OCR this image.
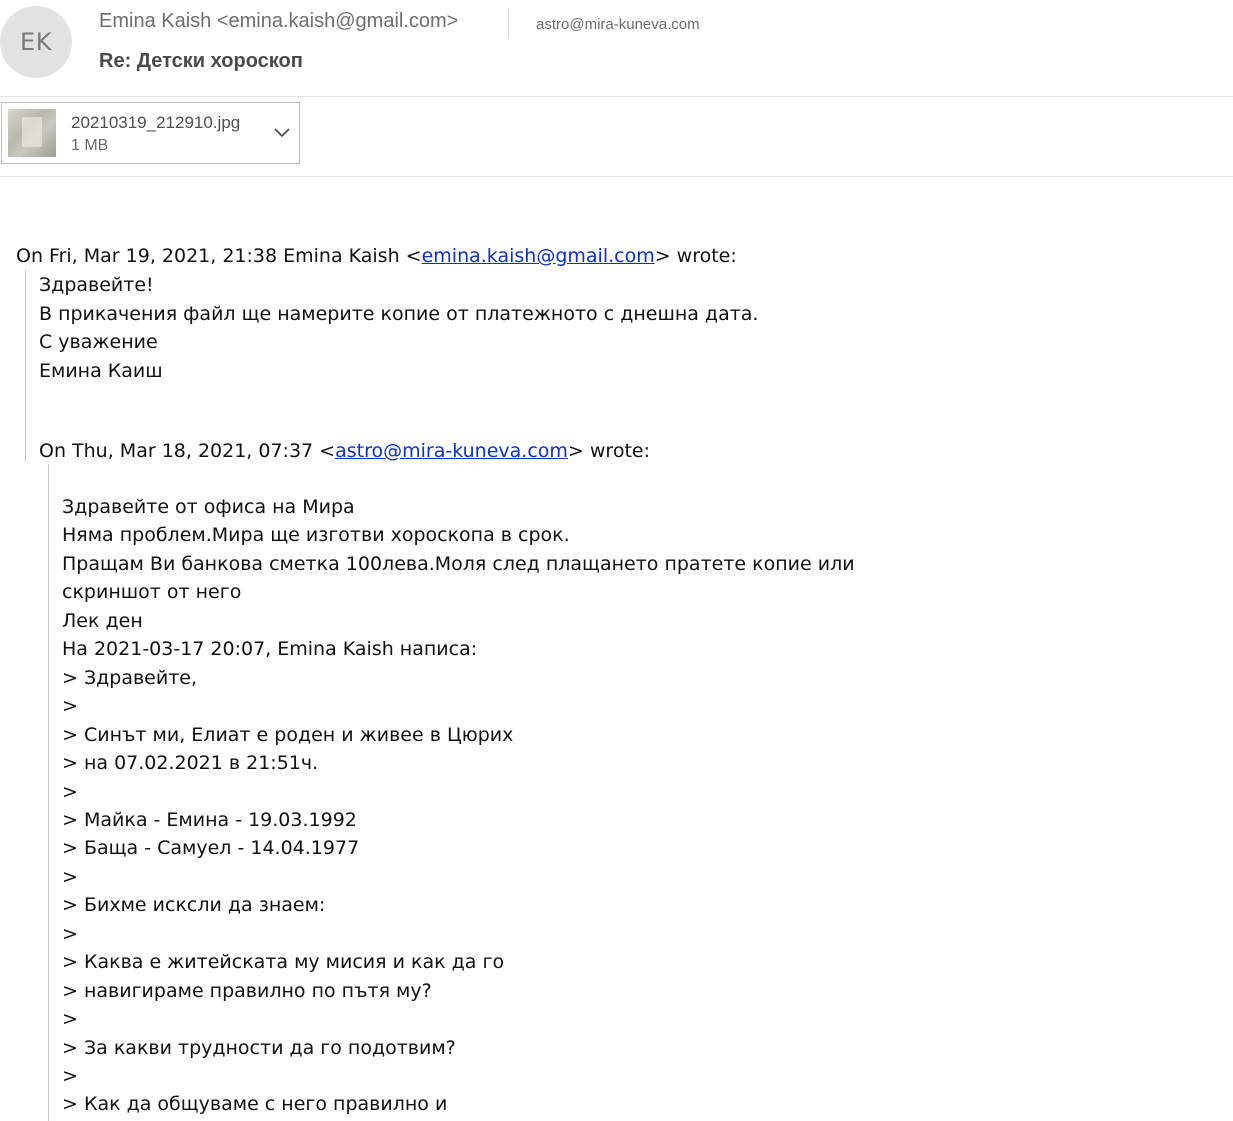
EK
Emina Kaish <emina.kaish@gmail.com>	astro@mira-kuneva.com
Re: Детски хороскоп
20210319_212910.jpg
1 MB
On Fri, Mar 19, 2021, 21:38 Emina Kaish <emina.kaish@gmail.com> wrote:
Здравейте!
В прикачения файл ще намерите копие от платежното с днешна дата.
С уважение
Емина Каиш
On Thu, Mar 18, 2021, 07:37 <astro@mira-kuneva.com> wrote:
Здравейте от офиса на Мира
Няма проблем.Мира ще изготви хороскопа в срок.
Пращам Ви банкова сметка 100лева.Моля след плащането пратете копие или
скриншот от него
Лек ден
На 2021-03-17 20:07, Emina Kaish написа:
> Здравейте,
>
> Синът ми, Елиат е роден и живее в Цюрих
> на 07.02.2021 в 21:51ч.
>
> Майка - Емина - 19.03.1992
> Баща - Самуел - 14.04.1977
>
> Бихме исксли да знаем:
>
> Каква е житейската му мисия и как да го
> навигираме правилно по пътя му?
>
> За какви трудности да го подотвим?
>
> Как да общуваме с него правилно и
